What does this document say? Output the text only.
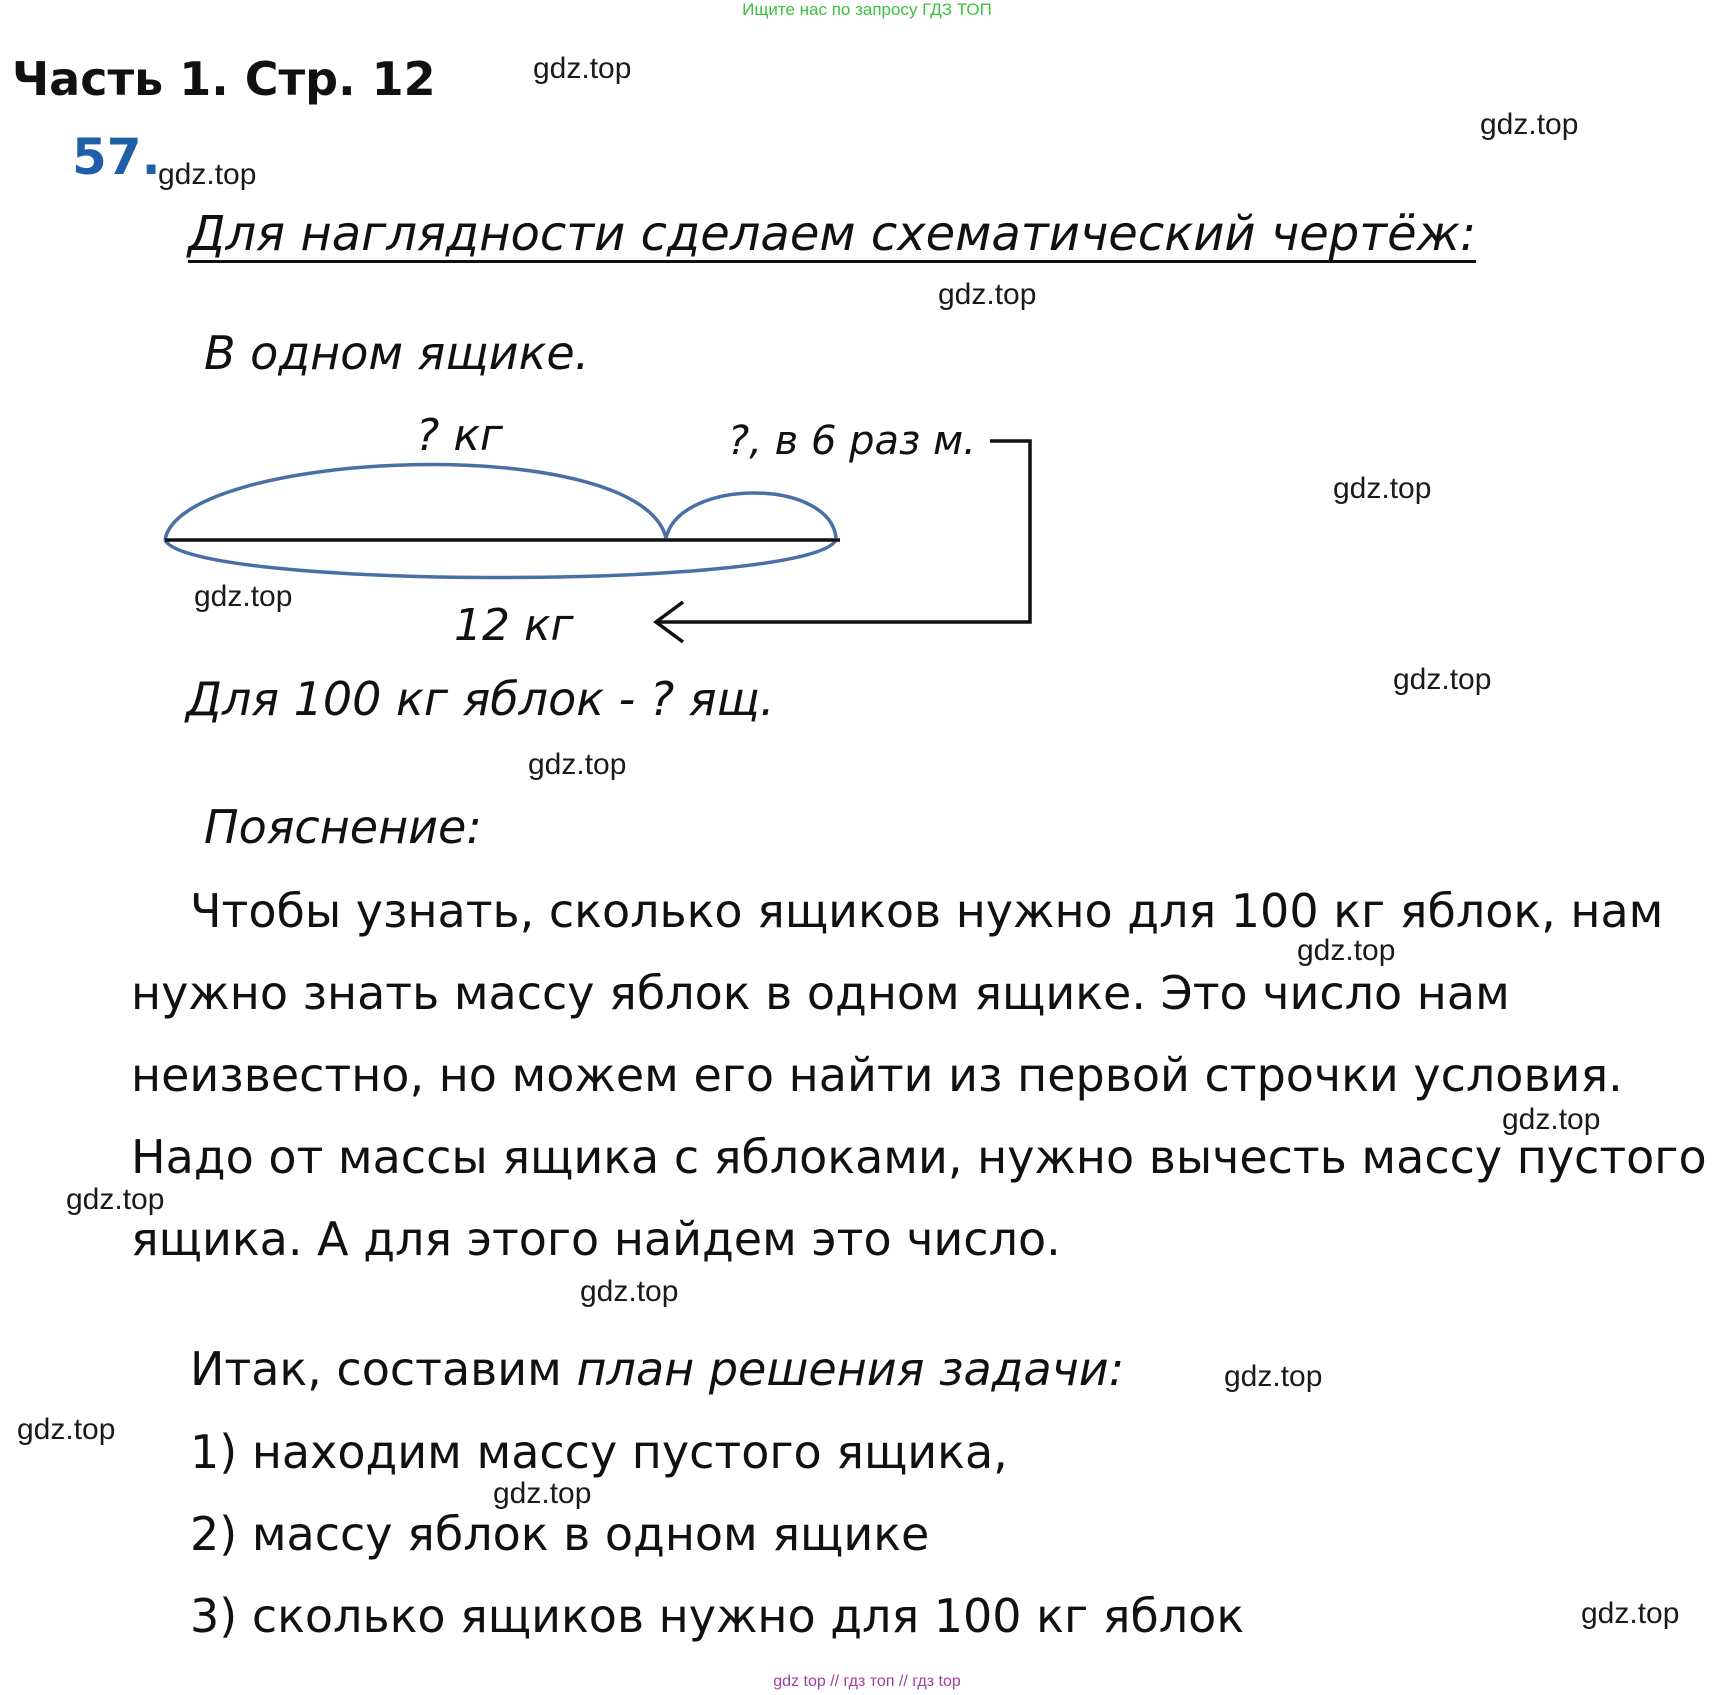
Ищите нас по запросу ГДЗ ТОП
Часть 1. Стр. 12
57.
gdz.top
gdz.top
gdz.top
gdz.top
gdz.top
gdz.top
gdz.top
gdz.top
gdz.top
gdz.top
gdz.top
gdz.top
gdz.top
gdz.top
gdz.top
gdz.top
Для наглядности сделаем схематический чертёж:
В одном ящике.
? кг	?, в 6 раз м.
12 кг
Для 100 кг яблок - ? ящ.
Пояснение:
Чтобы узнать, сколько ящиков нужно для 100 кг яблок, нам
нужно знать массу яблок в одном ящике. Это число нам
неизвестно, но можем его найти из первой строчки условия.
Надо от массы ящика с яблоками, нужно вычесть массу пустого
ящика. А для этого найдем это число.
Итак, составим план решения задачи:
1) находим массу пустого ящика,
2) массу яблок в одном ящике
3) сколько ящиков нужно для 100 кг яблок
gdz top // гдз топ // гдз top
